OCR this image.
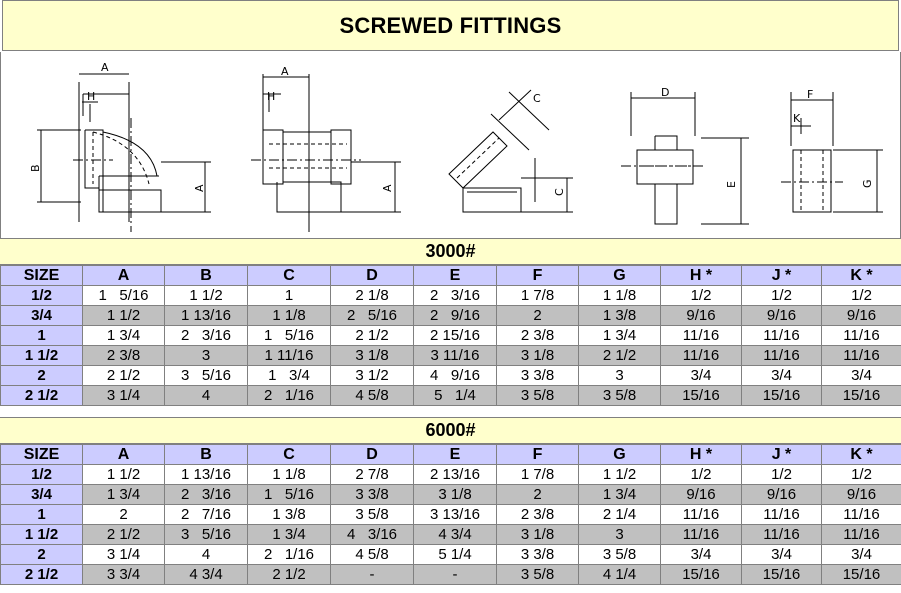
SCREWED FITTINGS
A
H
B
A
A
H
A
C
C
D
E
F
K
G
3000#
SIZE	A	B	C	D	E	F	G	H *	J *	K *
1/2	1   5/16	1 1/2	1	2 1/8	2   3/16	1 7/8	1 1/8	1/2	1/2	1/2
3/4	1 1/2	1 13/16	1 1/8	2   5/16	2   9/16	2	1 3/8	9/16	9/16	9/16
1	1 3/4	2   3/16	1   5/16	2 1/2	2 15/16	2 3/8	1 3/4	11/16	11/16	11/16
1 1/2	2 3/8	3	1 11/16	3 1/8	3 11/16	3 1/8	2 1/2	11/16	11/16	11/16
2	2 1/2	3   5/16	1   3/4	3 1/2	4   9/16	3 3/8	3	3/4	3/4	3/4
2 1/2	3 1/4	4	2   1/16	4 5/8	5   1/4	3 5/8	3 5/8	15/16	15/16	15/16
6000#
SIZE	A	B	C	D	E	F	G	H *	J *	K *
1/2	1 1/2	1 13/16	1 1/8	2 7/8	2 13/16	1 7/8	1 1/2	1/2	1/2	1/2
3/4	1 3/4	2   3/16	1   5/16	3 3/8	3 1/8	2	1 3/4	9/16	9/16	9/16
1	2	2   7/16	1 3/8	3 5/8	3 13/16	2 3/8	2 1/4	11/16	11/16	11/16
1 1/2	2 1/2	3   5/16	1 3/4	4   3/16	4 3/4	3 1/8	3	11/16	11/16	11/16
2	3 1/4	4	2   1/16	4 5/8	5 1/4	3 3/8	3 5/8	3/4	3/4	3/4
2 1/2	3 3/4	4 3/4	2 1/2	-	-	3 5/8	4 1/4	15/16	15/16	15/16
